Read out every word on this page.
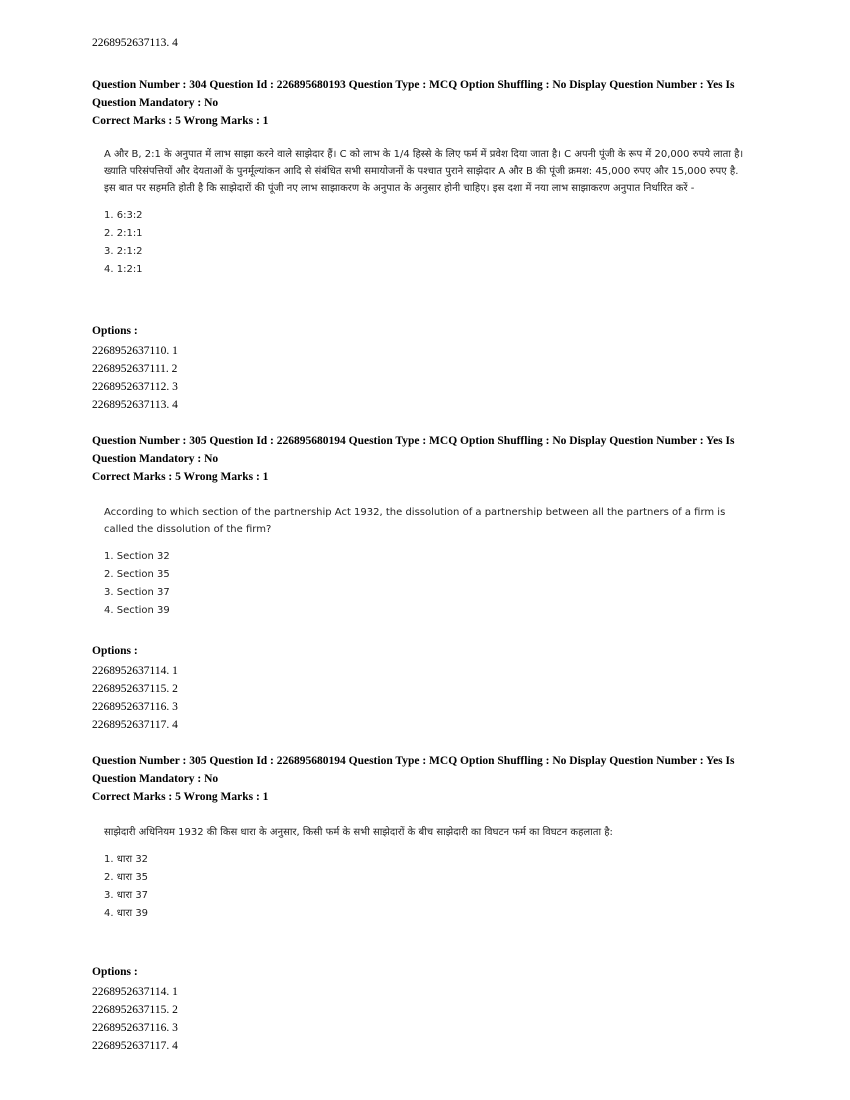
2268952637113. 4
Question Number : 304 Question Id : 226895680193 Question Type : MCQ Option Shuffling : No Display Question Number : Yes Is Question Mandatory : No
Correct Marks : 5 Wrong Marks : 1

A और B, 2:1 के अनुपात में लाभ साझा करने वाले साझेदार हैं। C को लाभ के 1/4 हिस्से के लिए फर्म में प्रवेश दिया जाता है। C अपनी पूंजी के रूप में 20,000 रुपये लाता है। ख्याति परिसंपत्तियों और देयताओं के पुनर्मूल्यांकन आदि से संबंधित सभी समायोजनों के पश्चात पुराने साझेदार A और B की पूंजी क्रमश: 45,000 रुपए और 15,000 रुपए है. इस बात पर सहमति होती है कि साझेदारों की पूंजी नए लाभ साझाकरण के अनुपात के अनुसार होनी चाहिए। इस दशा में नया लाभ साझाकरण अनुपात निर्धारित करें -

1. 6:3:2
2. 2:1:1
3. 2:1:2
4. 1:2:1
Options :
2268952637110. 1
2268952637111. 2
2268952637112. 3
2268952637113. 4
Question Number : 305 Question Id : 226895680194 Question Type : MCQ Option Shuffling : No Display Question Number : Yes Is Question Mandatory : No
Correct Marks : 5 Wrong Marks : 1

According to which section of the partnership Act 1932, the dissolution of a partnership between all the partners of a firm is called the dissolution of the firm?

1. Section 32
2. Section 35
3. Section 37
4. Section 39
Options :
2268952637114. 1
2268952637115. 2
2268952637116. 3
2268952637117. 4
Question Number : 305 Question Id : 226895680194 Question Type : MCQ Option Shuffling : No Display Question Number : Yes Is Question Mandatory : No
Correct Marks : 5 Wrong Marks : 1

साझेदारी अधिनियम 1932 की किस धारा के अनुसार, किसी फर्म के सभी साझेदारों के बीच साझेदारी का विघटन फर्म का विघटन कहलाता है:

1. धारा 32
2. धारा 35
3. धारा 37
4. धारा 39
Options :
2268952637114. 1
2268952637115. 2
2268952637116. 3
2268952637117. 4
